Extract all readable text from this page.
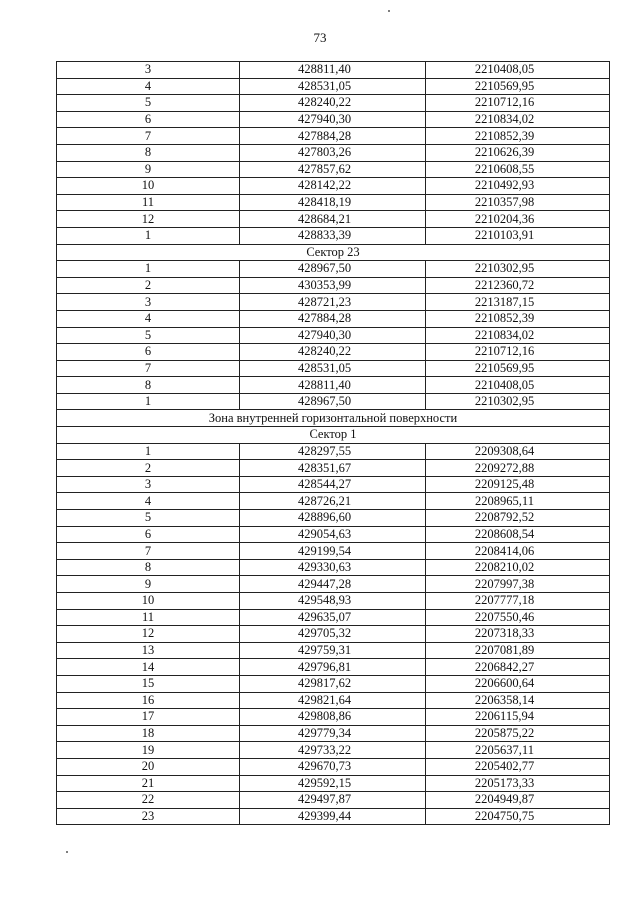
73
3	428811,40	2210408,05
4	428531,05	2210569,95
5	428240,22	2210712,16
6	427940,30	2210834,02
7	427884,28	2210852,39
8	427803,26	2210626,39
9	427857,62	2210608,55
10	428142,22	2210492,93
11	428418,19	2210357,98
12	428684,21	2210204,36
1	428833,39	2210103,91
Сектор 23		
1	428967,50	2210302,95
2	430353,99	2212360,72
3	428721,23	2213187,15
4	427884,28	2210852,39
5	427940,30	2210834,02
6	428240,22	2210712,16
7	428531,05	2210569,95
8	428811,40	2210408,05
1	428967,50	2210302,95
Зона внутренней горизонтальной поверхности		
Сектор 1		
1	428297,55	2209308,64
2	428351,67	2209272,88
3	428544,27	2209125,48
4	428726,21	2208965,11
5	428896,60	2208792,52
6	429054,63	2208608,54
7	429199,54	2208414,06
8	429330,63	2208210,02
9	429447,28	2207997,38
10	429548,93	2207777,18
11	429635,07	2207550,46
12	429705,32	2207318,33
13	429759,31	2207081,89
14	429796,81	2206842,27
15	429817,62	2206600,64
16	429821,64	2206358,14
17	429808,86	2206115,94
18	429779,34	2205875,22
19	429733,22	2205637,11
20	429670,73	2205402,77
21	429592,15	2205173,33
22	429497,87	2204949,87
23	429399,44	2204750,75
